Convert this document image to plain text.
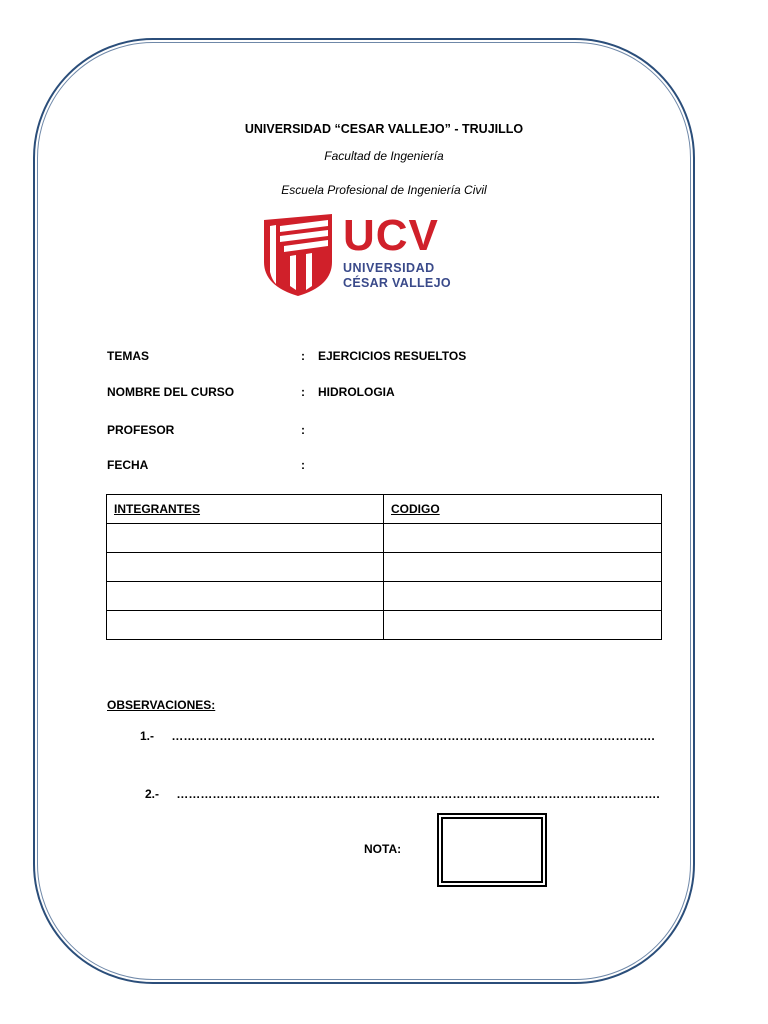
UNIVERSIDAD “CESAR VALLEJO” - TRUJILLO
Facultad de Ingeniería
Escuela Profesional de Ingeniería Civil
UCV
UNIVERSIDAD
CÉSAR VALLEJO
TEMAS	: EJERCICIOS RESUELTOS
NOMBRE DEL CURSO	: HIDROLOGIA
PROFESOR	:
FECHA	:
INTEGRANTES	CODIGO

OBSERVACIONES:
1.- ………………………………………………………………………………………………………….
2.- ………………………………………………………………………………………………………….
NOTA:
